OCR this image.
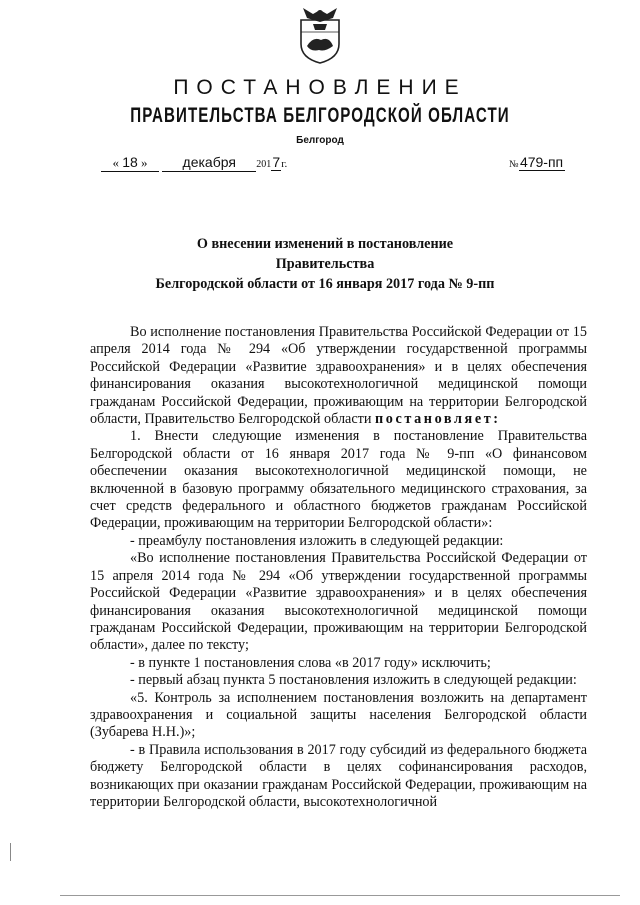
ПОСТАНОВЛЕНИЕ
ПРАВИТЕЛЬСТВА БЕЛГОРОДСКОЙ ОБЛАСТИ
Белгород
« 18 »	декабря 2017г.	№479-пп
О внесении изменений в постановление Правительства
Белгородской области от 16 января 2017 года № 9-пп

Во исполнение постановления Правительства Российской Федерации от 15 апреля 2014 года № 294 «Об утверждении государственной программы Российской Федерации «Развитие здравоохранения» и в целях обеспечения финансирования оказания высокотехнологичной медицинской помощи гражданам Российской Федерации, проживающим на территории Белгородской области, Правительство Белгородской области постановляет:

1. Внести следующие изменения в постановление Правительства Белгородской области от 16 января 2017 года № 9-пп «О финансовом обеспечении оказания высокотехнологичной медицинской помощи, не включенной в базовую программу обязательного медицинского страхования, за счет средств федерального и областного бюджетов гражданам Российской Федерации, проживающим на территории Белгородской области»:

- преамбулу постановления изложить в следующей редакции:

«Во исполнение постановления Правительства Российской Федерации от 15 апреля 2014 года № 294 «Об утверждении государственной программы Российской Федерации «Развитие здравоохранения» и в целях обеспечения финансирования оказания высокотехнологичной медицинской помощи гражданам Российской Федерации, проживающим на территории Белгородской области», далее по тексту;

- в пункте 1 постановления слова «в 2017 году» исключить;

- первый абзац пункта 5 постановления изложить в следующей редакции:

«5. Контроль за исполнением постановления возложить на департамент здравоохранения и социальной защиты населения Белгородской области (Зубарева Н.Н.)»;

- в Правила использования в 2017 году субсидий из федерального бюджета бюджету Белгородской области в целях софинансирования расходов, возникающих при оказании гражданам Российской Федерации, проживающим на территории Белгородской области, высокотехнологичной
